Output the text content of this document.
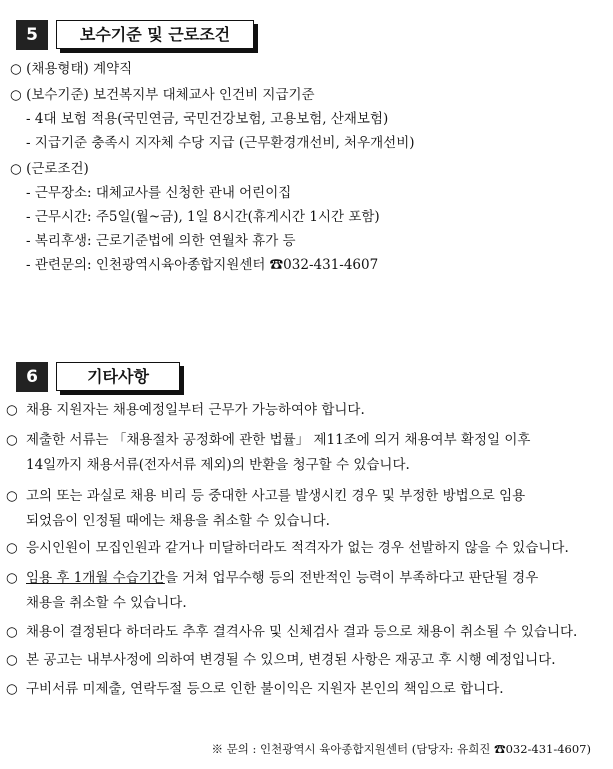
5	보수기준 및 근로조건
○ (채용형태) 계약직
○ (보수기준) 보건복지부 대체교사 인건비 지급기준
- 4대 보험 적용(국민연금, 국민건강보험, 고용보험, 산재보험)
- 지급기준 충족시 지자체 수당 지급 (근무환경개선비, 처우개선비)
○ (근로조건)
- 근무장소: 대체교사를 신청한 관내 어린이집
- 근무시간: 주5일(월~금), 1일 8시간(휴게시간 1시간 포함)
- 복리후생: 근로기준법에 의한 연월차 휴가 등
- 관련문의: 인천광역시육아종합지원센터 ☎032-431-4607
6	기타사항
○ 채용 지원자는 채용예정일부터 근무가 가능하여야 합니다.
○ 제출한 서류는 「채용절차 공정화에 관한 법률」 제11조에 의거 채용여부 확정일 이후
14일까지 채용서류(전자서류 제외)의 반환을 청구할 수 있습니다.
○ 고의 또는 과실로 채용 비리 등 중대한 사고를 발생시킨 경우 및 부정한 방법으로 임용
되었음이 인정될 때에는 채용을 취소할 수 있습니다.
○ 응시인원이 모집인원과 같거나 미달하더라도 적격자가 없는 경우 선발하지 않을 수 있습니다.
○ 임용 후 1개월 수습기간을 거쳐 업무수행 등의 전반적인 능력이 부족하다고 판단될 경우
채용을 취소할 수 있습니다.
○ 채용이 결정된다 하더라도 추후 결격사유 및 신체검사 결과 등으로 채용이 취소될 수 있습니다.
○ 본 공고는 내부사정에 의하여 변경될 수 있으며, 변경된 사항은 재공고 후 시행 예정입니다.
○ 구비서류 미제출, 연락두절 등으로 인한 불이익은 지원자 본인의 책임으로 합니다.
※ 문의 : 인천광역시 육아종합지원센터 (담당자: 유희진 ☎032-431-4607)
